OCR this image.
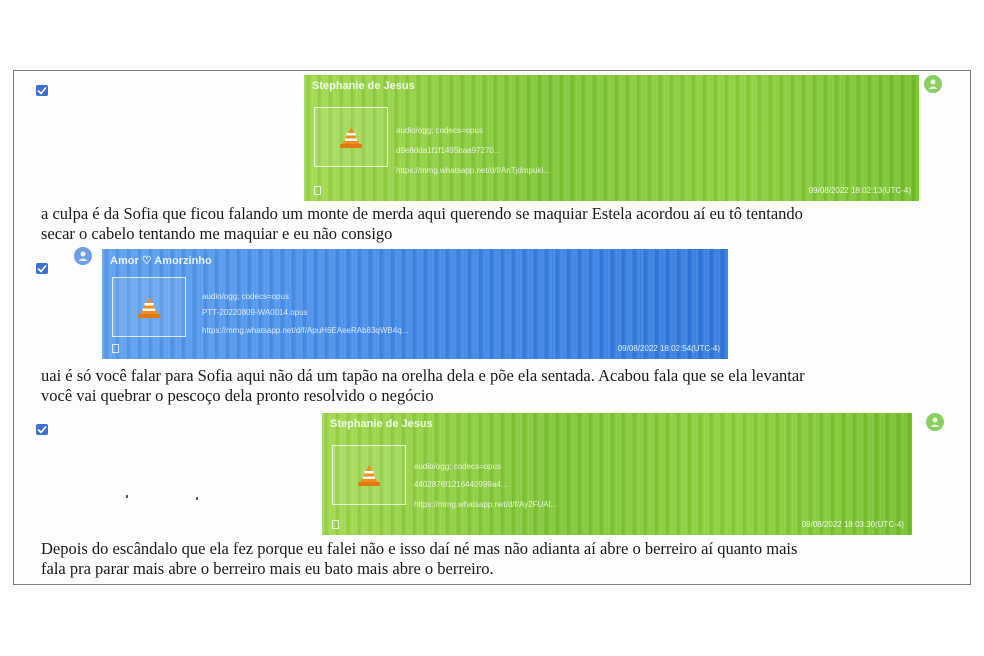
Stephanie de Jesus
audio/ogg; codecs=opus
d9e8dda1f1f1495baa97270...
https://mmg.whatsapp.net/d/f/AnTjdmpukl...
09/08/2022 18:02:13(UTC-4)
a culpa é da Sofia que ficou falando um monte de merda aqui querendo se maquiar Estela acordou aí eu tô tentando
secar o cabelo tentando me maquiar e eu não consigo
Amor ♡ Amorzinho
audio/ogg; codecs=opus
PTT-20220809-WA0014.opus
https://mmg.whatsapp.net/d/f/ApuH6EAeeRAb83qWB4q...
09/08/2022 18:02:54(UTC-4)
uai é só você falar para Sofia aqui não dá um tapão na orelha dela e põe ela sentada. Acabou fala que se ela levantar
você vai quebrar o pescoço dela pronto resolvido o negócio
Stephanie de Jesus
audio/ogg; codecs=opus
4402876f1216440999a4...
https://mmg.whatsapp.net/d/f/Ay2FUAl...
09/08/2022 18:03:30(UTC-4)
Depois do escândalo que ela fez porque eu falei não e isso daí né mas não adianta aí abre o berreiro aí quanto mais
fala pra parar mais abre o berreiro mais eu bato mais abre o berreiro.
